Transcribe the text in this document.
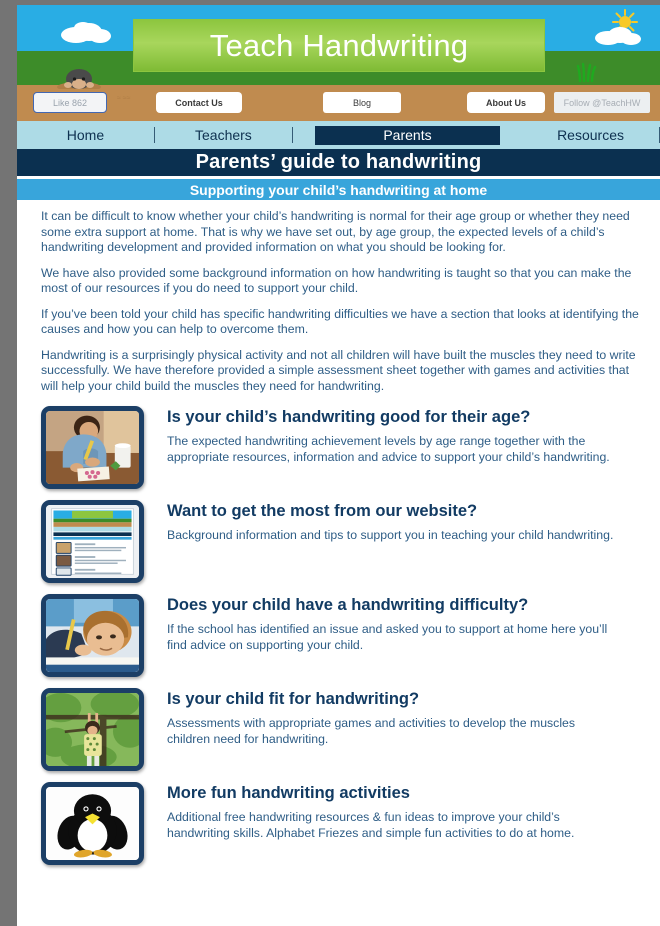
Teach Handwriting
Like 862	≈ ≈≈	Contact Us	Blog	About Us	Follow @TeachHW
Home	Teachers	Parents	Resources
Parents’ guide to handwriting
Supporting your child’s handwriting at home

It can be difficult to know whether your child’s handwriting is normal for their age group or whether they need some extra support at home. That is why we have set out, by age group, the expected levels of a child’s handwriting development and provided information on what you should be looking for.

We have also provided some background information on how handwriting is taught so that you can make the most of our resources if you do need to support your child.

If you’ve been told your child has specific handwriting difficulties we have a section that looks at identifying the causes and how you can help to overcome them.

Handwriting is a surprisingly physical activity and not all children will have built the muscles they need to write successfully. We have therefore provided a simple assessment sheet together with games and activities that will help your child build the muscles they need for handwriting.

Is your child’s handwriting good for their age?

The expected handwriting achievement levels by age range together with the appropriate resources, information and advice to support your child’s handwriting.

Want to get the most from our website?

Background information and tips to support you in teaching your child handwriting.

Does your child have a handwriting difficulty?

If the school has identified an issue and asked you to support at home here you’ll find advice on supporting your child.

Is your child fit for handwriting?

Assessments with appropriate games and activities to develop the muscles children need for handwriting.

More fun handwriting activities

Additional free handwriting resources & fun ideas to improve your child’s handwriting skills. Alphabet Friezes and simple fun activities to do at home.
